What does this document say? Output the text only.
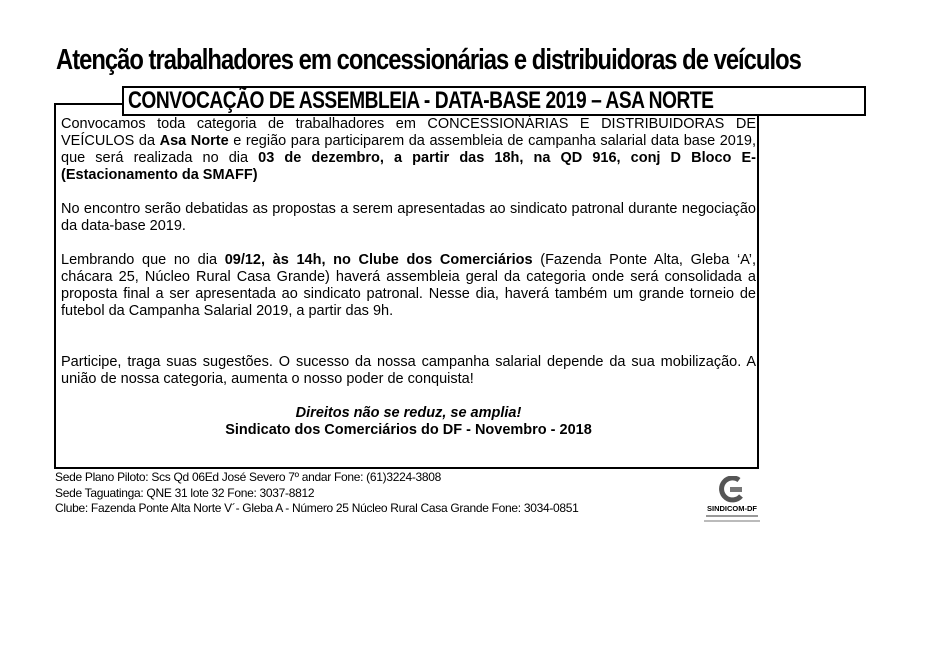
Atenção trabalhadores em concessionárias e distribuidoras de veículos
CONVOCAÇÃO DE ASSEMBLEIA - DATA-BASE 2019 – ASA NORTE

Convocamos toda categoria de trabalhadores em CONCESSIONÁRIAS E DISTRIBUIDORAS DE VEÍCULOS da Asa Norte e região para participarem da assembleia de campanha salarial data base 2019, que será realizada no dia 03 de dezembro, a partir das 18h, na QD 916, conj D Bloco E- (Estacionamento da SMAFF)

No encontro serão debatidas as propostas a serem apresentadas ao sindicato patronal durante negociação da data-base 2019.

Lembrando que no dia 09/12, às 14h, no Clube dos Comerciários (Fazenda Ponte Alta, Gleba ‘A’, chácara 25, Núcleo Rural Casa Grande) haverá assembleia geral da categoria onde será consolidada a proposta final a ser apresentada ao sindicato patronal. Nesse dia, haverá também um grande torneio de futebol da Campanha Salarial 2019, a partir das 9h.

Participe, traga suas sugestões. O sucesso da nossa campanha salarial depende da sua mobilização. A união de nossa categoria, aumenta o nosso poder de conquista!

Direitos não se reduz, se amplia!

Sindicato dos Comerciários do DF - Novembro - 2018

Sede Plano Piloto: Scs Qd 06Ed José Severo 7º andar Fone: (61)3224-3808
Sede Taguatinga: QNE 31 lote 32 Fone: 3037-8812
Clube: Fazenda Ponte Alta Norte V´- Gleba A - Número 25 Núcleo Rural Casa Grande Fone: 3034-0851	SINDICOM-DF
